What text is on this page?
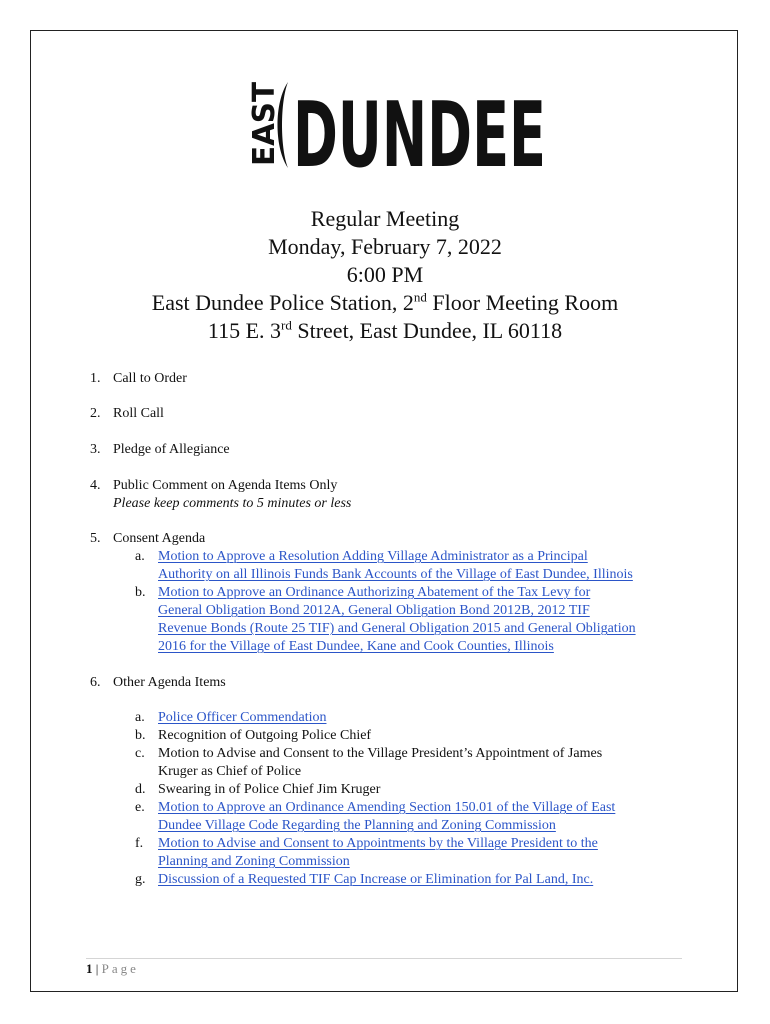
EAST DUNDEE
Regular Meeting
Monday, February 7, 2022
6:00 PM
East Dundee Police Station, 2nd Floor Meeting Room
115 E. 3rd Street, East Dundee, IL 60118
1. Call to Order
2. Roll Call
3. Pledge of Allegiance
4. Public Comment on Agenda Items Only
Please keep comments to 5 minutes or less
5. Consent Agenda
a. Motion to Approve a Resolution Adding Village Administrator as a Principal
Authority on all Illinois Funds Bank Accounts of the Village of East Dundee, Illinois
b. Motion to Approve an Ordinance Authorizing Abatement of the Tax Levy for
General Obligation Bond 2012A, General Obligation Bond 2012B, 2012 TIF
Revenue Bonds (Route 25 TIF) and General Obligation 2015 and General Obligation
2016 for the Village of East Dundee, Kane and Cook Counties, Illinois
6. Other Agenda Items
a. Police Officer Commendation
b. Recognition of Outgoing Police Chief
c. Motion to Advise and Consent to the Village President’s Appointment of James
Kruger as Chief of Police
d. Swearing in of Police Chief Jim Kruger
e. Motion to Approve an Ordinance Amending Section 150.01 of the Village of East
Dundee Village Code Regarding the Planning and Zoning Commission
f.	Motion to Advise and Consent to Appointments by the Village President to the
Planning and Zoning Commission
g. Discussion of a Requested TIF Cap Increase or Elimination for Pal Land, Inc.
1 | Page
